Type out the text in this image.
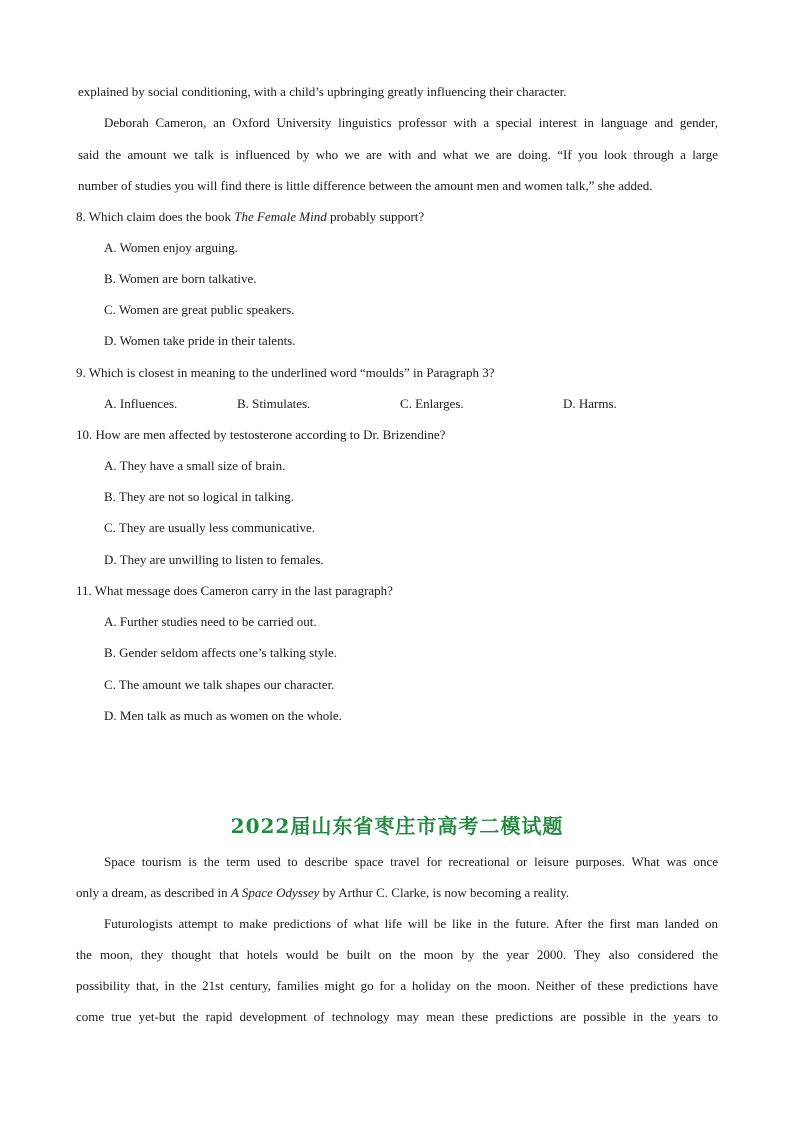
explained by social conditioning, with a child’s upbringing greatly influencing their character.
Deborah Cameron, an Oxford University linguistics professor with a special interest in language and gender,
said the amount we talk is influenced by who we are with and what we are doing. “If you look through a large
number of studies you will find there is little difference between the amount men and women talk,” she added.
8. Which claim does the book The Female Mind probably support?
A. Women enjoy arguing.
B. Women are born talkative.
C. Women are great public speakers.
D. Women take pride in their talents.
9. Which is closest in meaning to the underlined word “moulds” in Paragraph 3?
A. Influences.	B. Stimulates.	C. Enlarges.	D. Harms.
10. How are men affected by testosterone according to Dr. Brizendine?
A. They have a small size of brain.
B. They are not so logical in talking.
C. They are usually less communicative.
D. They are unwilling to listen to females.
11. What message does Cameron carry in the last paragraph?
A. Further studies need to be carried out.
B. Gender seldom affects one’s talking style.
C. The amount we talk shapes our character.
D. Men talk as much as women on the whole.
2022届山东省枣庄市高考二模试题
Space tourism is the term used to describe space travel for recreational or leisure purposes. What was once
only a dream, as described in A Space Odyssey by Arthur C. Clarke, is now becoming a reality.
Futurologists attempt to make predictions of what life will be like in the future. After the first man landed on
the moon, they thought that hotels would be built on the moon by the year 2000. They also considered the
possibility that, in the 21st century, families might go for a holiday on the moon. Neither of these predictions have
come true yet-but the rapid development of technology may mean these predictions are possible in the years to
